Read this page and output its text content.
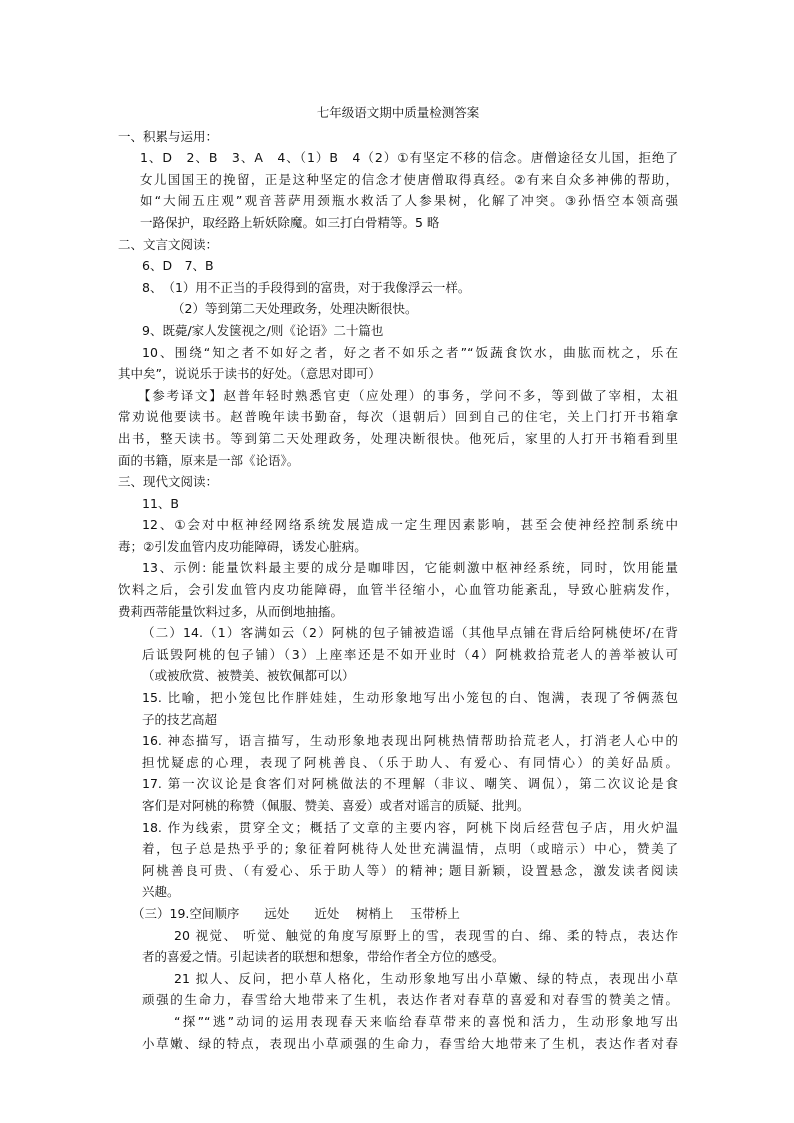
七年级语文期中质量检测答案
一、积累与运用：
1、D　2、B　3、A　4、（1）B　4（2）①有坚定不移的信念。唐僧途径女儿国，拒绝了
女儿国国王的挽留，正是这种坚定的信念才使唐僧取得真经。②有来自众多神佛的帮助，
如“大闹五庄观”观音菩萨用颈瓶水救活了人参果树，化解了冲突。③孙悟空本领高强
一路保护，取经路上斩妖除魔。如三打白骨精等。5 略
二、文言文阅读：
6、D　7、B
8、　（1）用不正当的手段得到的富贵，对于我像浮云一样。
（2）等到第二天处理政务，处理决断很快。
9、既薨/家人发箧视之/则《论语》二十篇也
10、围绕“知之者不如好之者，好之者不如乐之者”“饭蔬食饮水，曲肱而枕之，乐在
其中矣”，说说乐于读书的好处。（意思对即可）
【参考译文】赵普年轻时熟悉官吏（应处理）的事务，学问不多，等到做了宰相，太祖
常劝说他要读书。赵普晚年读书勤奋，每次（退朝后）回到自己的住宅，关上门打开书箱拿
出书，整天读书。等到第二天处理政务，处理决断很快。他死后，家里的人打开书箱看到里
面的书籍，原来是一部《论语》。
三、现代文阅读：
11、B
12、①会对中枢神经网络系统发展造成一定生理因素影响，甚至会使神经控制系统中
毒；②引发血管内皮功能障碍，诱发心脏病。
13、示例: 能量饮料最主要的成分是咖啡因，它能刺激中枢神经系统，同时，饮用能量
饮料之后，会引发血管内皮功能障碍，血管半径缩小，心血管功能紊乱，导致心脏病发作，
费莉西蒂能量饮料过多，从而倒地抽搐。
（二）14.（1）客满如云（2）阿桃的包子铺被造谣（其他早点铺在背后给阿桃使坏/在背
后诋毁阿桃的包子铺）（3）上座率还是不如开业时（4）阿桃救拾荒老人的善举被认可
（或被欣赏、被赞美、被钦佩都可以）
15. 比喻，把小笼包比作胖娃娃，生动形象地写出小笼包的白、饱满，表现了爷俩蒸包
子的技艺高超
16. 神态描写，语言描写，生动形象地表现出阿桃热情帮助拾荒老人，打消老人心中的
担忧疑虑的心理，表现了阿桃善良、（乐于助人、有爱心、有同情心）的美好品质。
17. 第一次议论是食客们对阿桃做法的不理解（非议、嘲笑、调侃），第二次议论是食
客们是对阿桃的称赞（佩服、赞美、喜爱）或者对谣言的质疑、批判。
18. 作为线索，贯穿全文；概括了文章的主要内容，阿桃下岗后经营包子店，用火炉温
着，包子总是热乎乎的; 象征着阿桃待人处世充满温情，点明（或暗示）中心，赞美了
阿桃善良可贵、（有爱心、乐于助人等）的精神; 题目新颖，设置悬念，激发读者阅读
兴趣。
（三）19.空间顺序　　远处　　近处　 树梢上　 玉带桥上
20 视觉、 听觉、触觉的角度写原野上的雪，表现雪的白、绵、柔的特点，表达作
者的喜爱之情。引起读者的联想和想象，带给作者全方位的感受。
21 拟人、反问，把小草人格化，生动形象地写出小草嫩、绿的特点，表现出小草
顽强的生命力，春雪给大地带来了生机，表达作者对春草的喜爱和对春雪的赞美之情。
“探”“逃”动词的运用表现春天来临给春草带来的喜悦和活力，生动形象地写出
小草嫩、绿的特点，表现出小草顽强的生命力，春雪给大地带来了生机，表达作者对春
